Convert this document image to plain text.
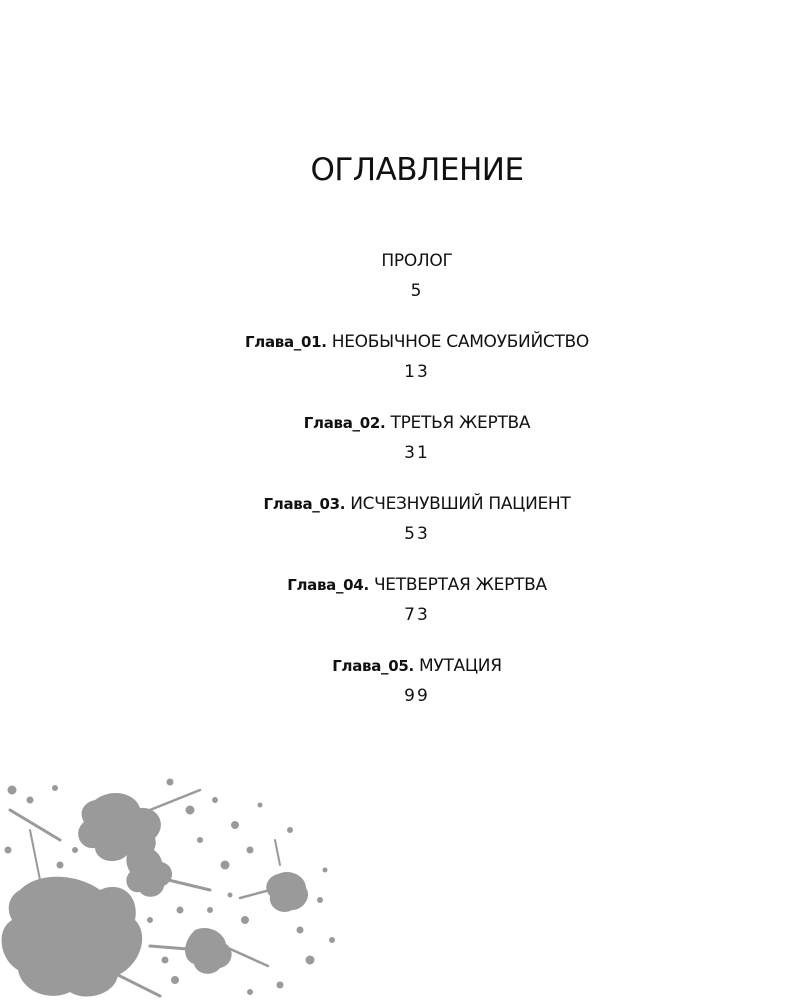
ОГЛАВЛЕНИЕ
ПРОЛОГ
5
Глава_01. НЕОБЫЧНОЕ САМОУБИЙСТВО
13
Глава_02. ТРЕТЬЯ ЖЕРТВА
31
Глава_03. ИСЧЕЗНУВШИЙ ПАЦИЕНТ
53
Глава_04. ЧЕТВЕРТАЯ ЖЕРТВА
73
Глава_05. МУТАЦИЯ
99
